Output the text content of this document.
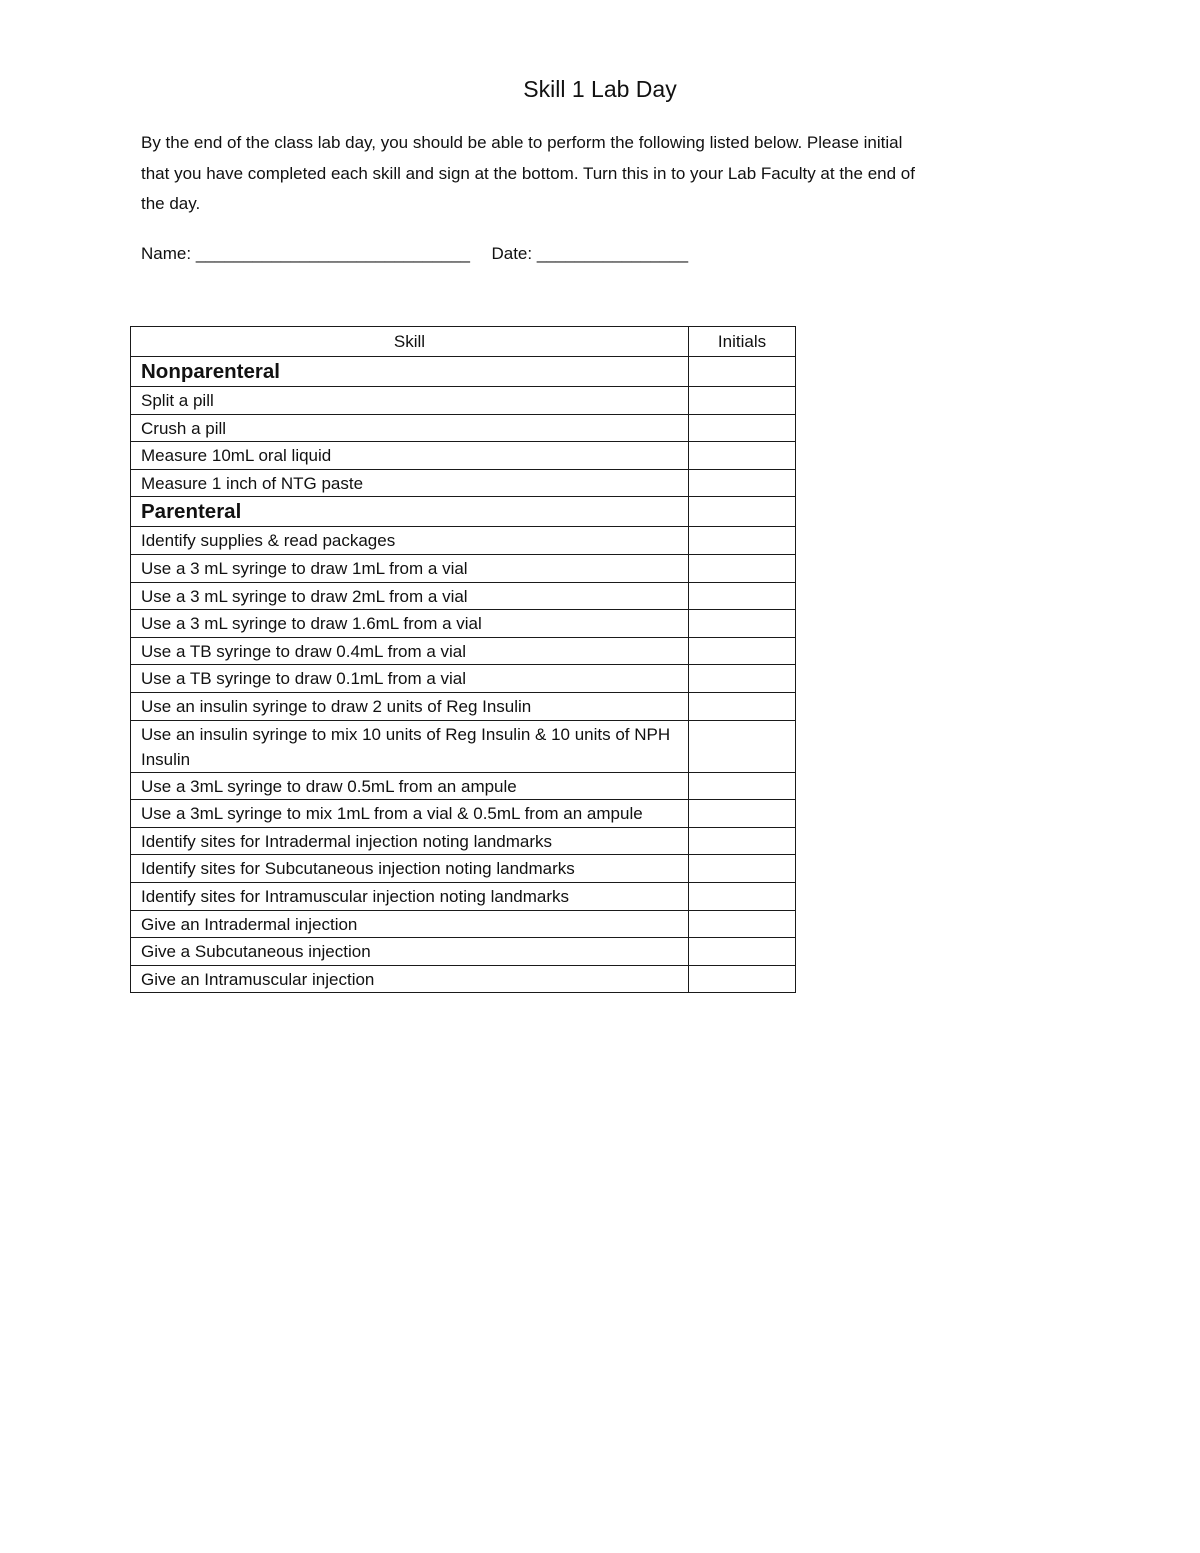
Skill 1 Lab Day
By the end of the class lab day, you should be able to perform the following listed below. Please initial
that you have completed each skill and sign at the bottom. Turn this in to your Lab Faculty at the end of
the day.
Name: _____________________________ Date: ________________
Skill	Initials
Nonparenteral	
Split a pill	
Crush a pill	
Measure 10mL oral liquid	
Measure 1 inch of NTG paste	
Parenteral	
Identify supplies & read packages	
Use a 3 mL syringe to draw 1mL from a vial	
Use a 3 mL syringe to draw 2mL from a vial	
Use a 3 mL syringe to draw 1.6mL from a vial	
Use a TB syringe to draw 0.4mL from a vial	
Use a TB syringe to draw 0.1mL from a vial	
Use an insulin syringe to draw 2 units of Reg Insulin	
Use an insulin syringe to mix 10 units of Reg Insulin & 10 units of NPH Insulin	
Use a 3mL syringe to draw 0.5mL from an ampule	
Use a 3mL syringe to mix 1mL from a vial & 0.5mL from an ampule	
Identify sites for Intradermal injection noting landmarks	
Identify sites for Subcutaneous injection noting landmarks	
Identify sites for Intramuscular injection noting landmarks	
Give an Intradermal injection	
Give a Subcutaneous injection	
Give an Intramuscular injection	
